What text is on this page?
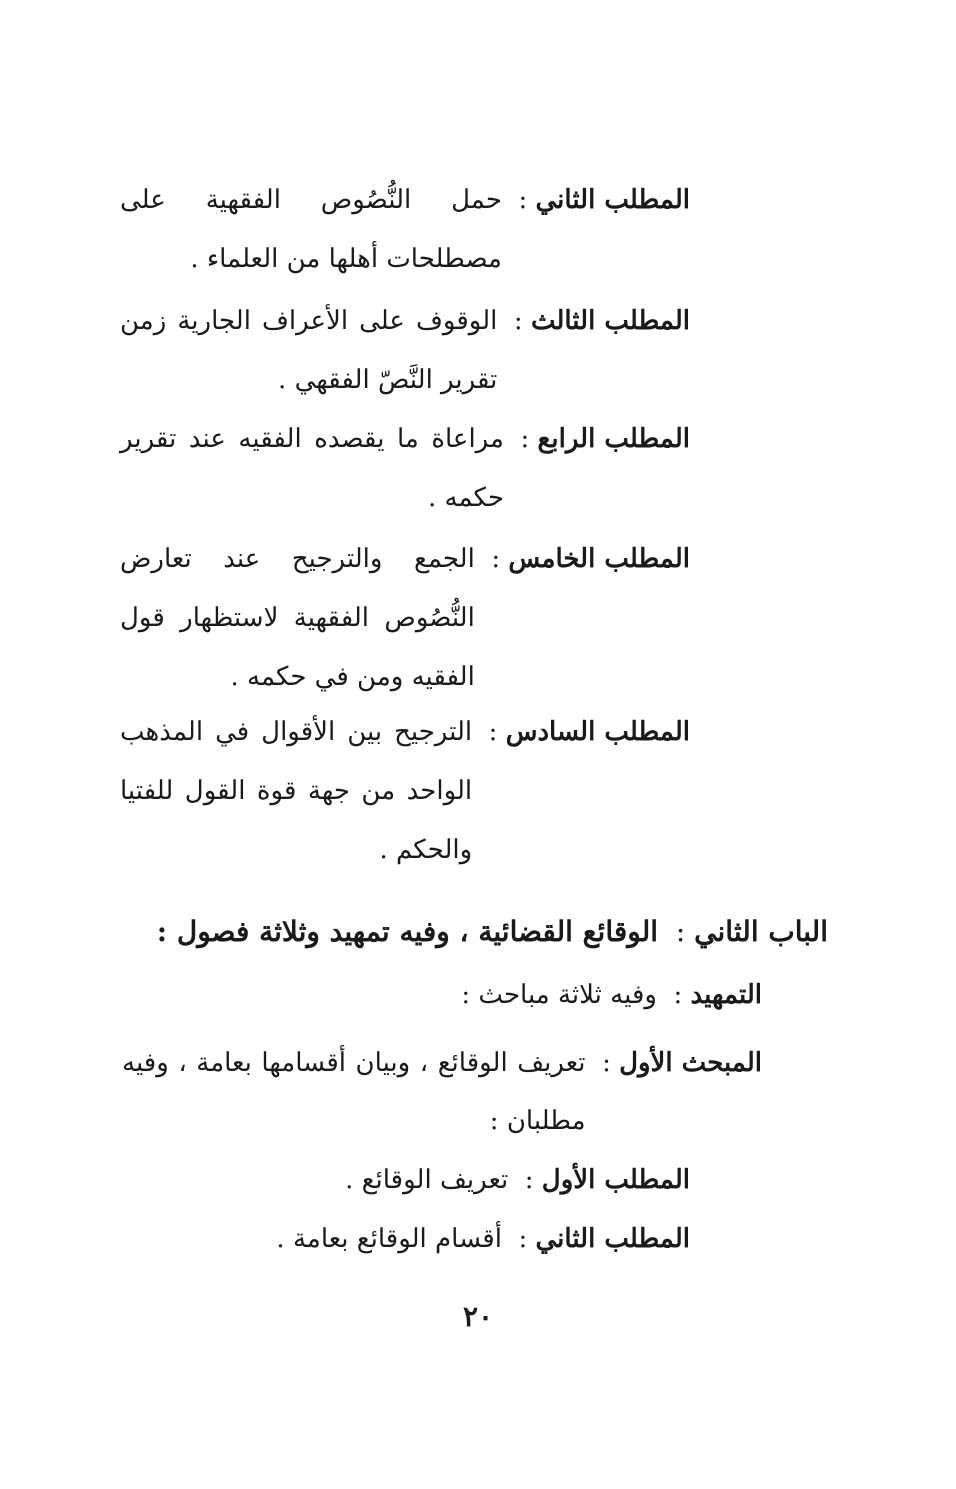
المطلب الثاني
:
حمل النُّصُوص الفقهية على مصطلحات أهلها من العلماء .
المطلب الثالث
:
الوقوف على الأعراف الجارية زمن تقرير النَّصّ الفقهي .
المطلب الرابع
:
مراعاة ما يقصده الفقيه عند تقرير حكمه .
المطلب الخامس
:
الجمع والترجيح عند تعارض النُّصُوص الفقهية لاستظهار قول الفقيه ومن في حكمه .
المطلب السادس
:
الترجيح بين الأقوال في المذهب الواحد من جهة قوة القول للفتيا والحكم .
الباب الثاني
:
الوقائع القضائية ، وفيه تمهيد وثلاثة فصول :
التمهيد
:
وفيه ثلاثة مباحث :
المبحث الأول
:
تعريف الوقائع ، وبيان أقسامها بعامة ، وفيه مطلبان :
المطلب الأول
:
تعريف الوقائع .
المطلب الثاني
:
أقسام الوقائع بعامة .
٢٠
